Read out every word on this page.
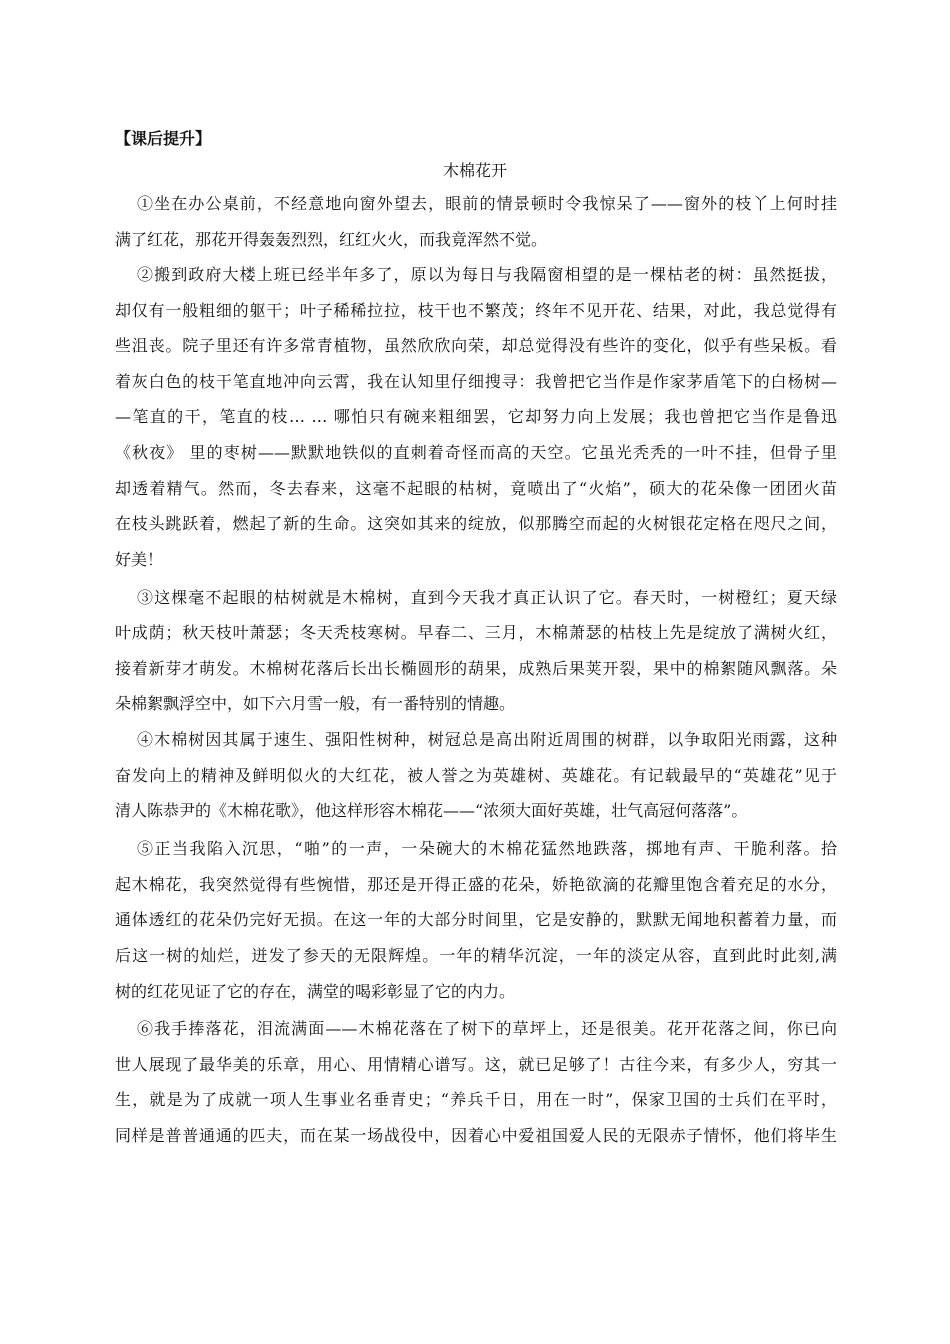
【课后提升】
木棉花开
①坐在办公桌前，不经意地向窗外望去，眼前的情景顿时令我惊呆了——窗外的枝丫上何时挂
满了红花，那花开得轰轰烈烈，红红火火，而我竟浑然不觉。
②搬到政府大楼上班已经半年多了，原以为每日与我隔窗相望的是一棵枯老的树：虽然挺拔，
却仅有一般粗细的躯干；叶子稀稀拉拉，枝干也不繁茂；终年不见开花、结果，对此，我总觉得有
些沮丧。院子里还有许多常青植物，虽然欣欣向荣，却总觉得没有些许的变化，似乎有些呆板。看
着灰白色的枝干笔直地冲向云霄，我在认知里仔细搜寻：我曾把它当作是作家茅盾笔下的白杨树—
—笔直的干，笔直的枝… … 哪怕只有碗来粗细罢，它却努力向上发展；我也曾把它当作是鲁迅
《秋夜》 里的枣树——默默地铁似的直刺着奇怪而高的天空。它虽光秃秃的一叶不挂，但骨子里
却透着精气。然而，冬去春来，这毫不起眼的枯树，竟喷出了“火焰”，硕大的花朵像一团团火苗
在枝头跳跃着，燃起了新的生命。这突如其来的绽放，似那腾空而起的火树银花定格在咫尺之间，
好美！
③这棵毫不起眼的枯树就是木棉树，直到今天我才真正认识了它。春天时，一树橙红；夏天绿
叶成荫；秋天枝叶萧瑟；冬天秃枝寒树。早春二、三月，木棉萧瑟的枯枝上先是绽放了满树火红，
接着新芽才萌发。木棉树花落后长出长椭圆形的葫果，成熟后果荚开裂，果中的棉絮随风飘落。朵
朵棉絮飘浮空中，如下六月雪一般，有一番特别的情趣。
④木棉树因其属于速生、强阳性树种，树冠总是高出附近周围的树群，以争取阳光雨露，这种
奋发向上的精神及鲜明似火的大红花，被人誉之为英雄树、英雄花。有记载最早的“英雄花”见于
清人陈恭尹的《木棉花歌》，他这样形容木棉花——“浓须大面好英雄，壮气高冠何落落”。
⑤正当我陷入沉思，“啪”的一声，一朵碗大的木棉花猛然地跌落，掷地有声、干脆利落。拾
起木棉花，我突然觉得有些惋惜，那还是开得正盛的花朵，娇艳欲滴的花瓣里饱含着充足的水分，
通体透红的花朵仍完好无损。在这一年的大部分时间里，它是安静的，默默无闻地积蓄着力量，而
后这一树的灿烂，迸发了参天的无限辉煌。一年的精华沉淀，一年的淡定从容，直到此时此刻,满
树的红花见证了它的存在，满堂的喝彩彰显了它的内力。
⑥我手捧落花，泪流满面——木棉花落在了树下的草坪上，还是很美。花开花落之间，你已向
世人展现了最华美的乐章，用心、用情精心谱写。这，就已足够了！古往今来，有多少人，穷其一
生，就是为了成就一项人生事业名垂青史；“养兵千日，用在一时”，保家卫国的士兵们在平时，
同样是普普通通的匹夫，而在某一场战役中，因着心中爱祖国爱人民的无限赤子情怀，他们将毕生
